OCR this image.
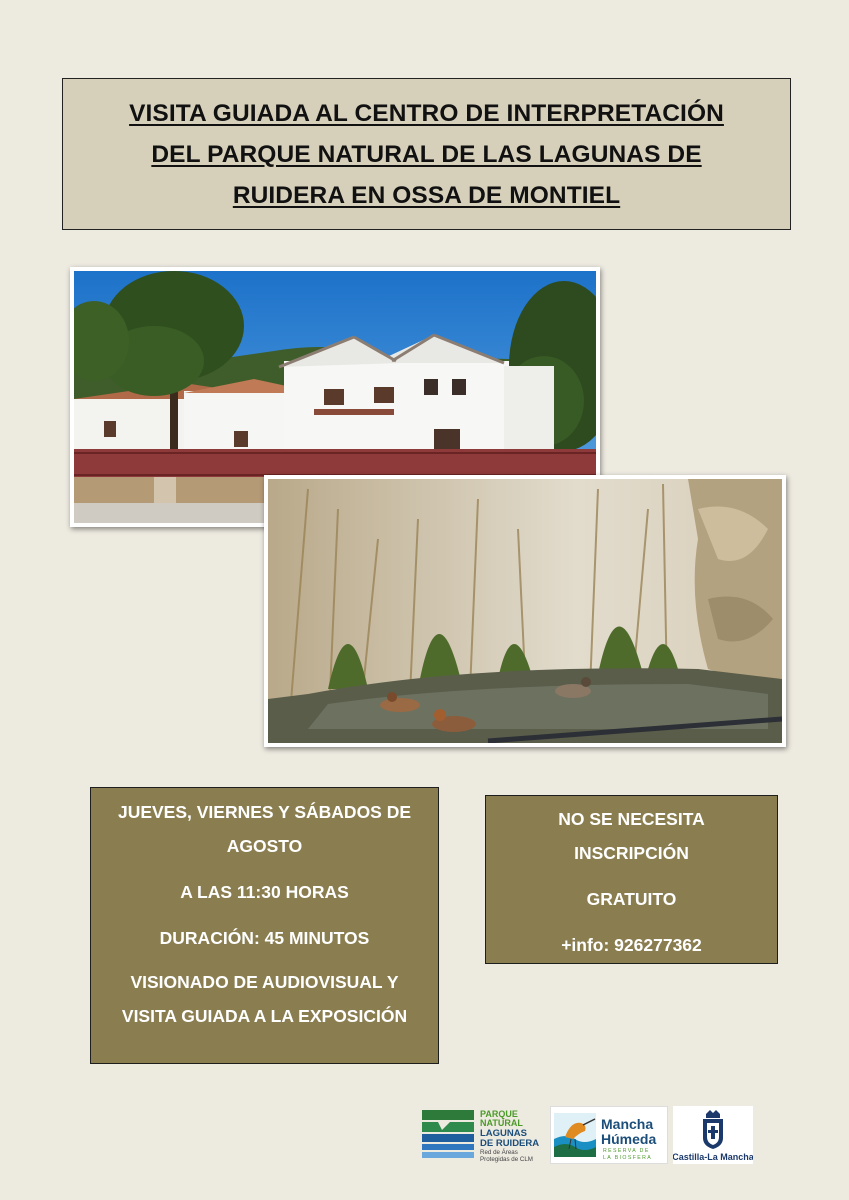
VISITA GUIADA AL CENTRO DE INTERPRETACIÓN
DEL PARQUE NATURAL DE LAS LAGUNAS DE
RUIDERA EN OSSA DE MONTIEL
JUEVES, VIERNES Y SÁBADOS DE
AGOSTO
A LAS 11:30 HORAS
DURACIÓN: 45 MINUTOS
VISIONADO DE AUDIOVISUAL Y
VISITA GUIADA A LA EXPOSICIÓN
NO SE NECESITA
INSCRIPCIÓN
GRATUITO
+info: 926277362
PARQUE
NATURAL
LAGUNAS
DE RUIDERA
Red de Áreas
Protegidas de CLM
Mancha
Húmeda
RESERVA DE
LA BIOSFERA Castilla-La Mancha
